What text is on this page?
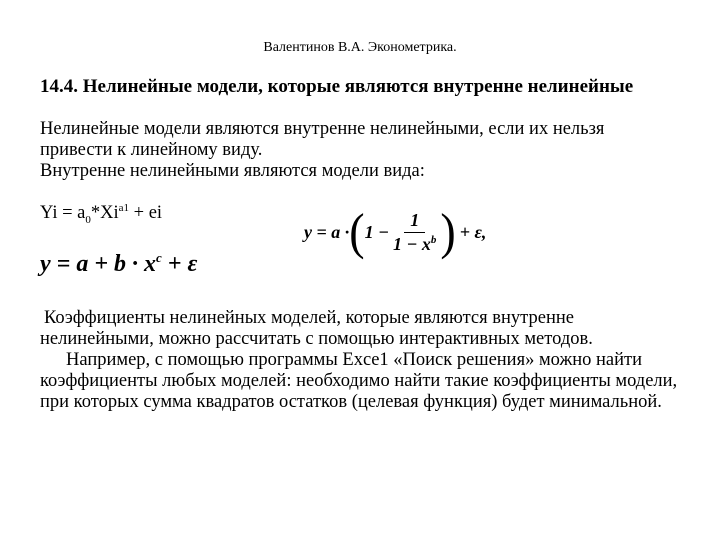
Валентинов В.А. Эконометрика.
14.4. Нелинейные модели, которые являются внутренне нелинейные

Нелинейные модели являются внутренне нелинейными, если их нельзя привести к линейному виду.

Внутренне нелинейными являются модели вида:

$Yi = a_0*Xi^{a1}$ + ei
$y = a + b \cdot x^c + \varepsilon$
y = a · ( $1 - \frac{1}{1 - x^b}$ ) + ε,

Коэффициенты нелинейных моделей, которые являются внутренне нелинейными, можно рассчитать с помощью интерактивных методов.

Например, с помощью программы Exce1 «Поиск решения» можно найти коэффициенты любых моделей: необходимо найти такие коэффициенты модели, при которых сумма квадратов остатков (целевая функция) будет минимальной.
